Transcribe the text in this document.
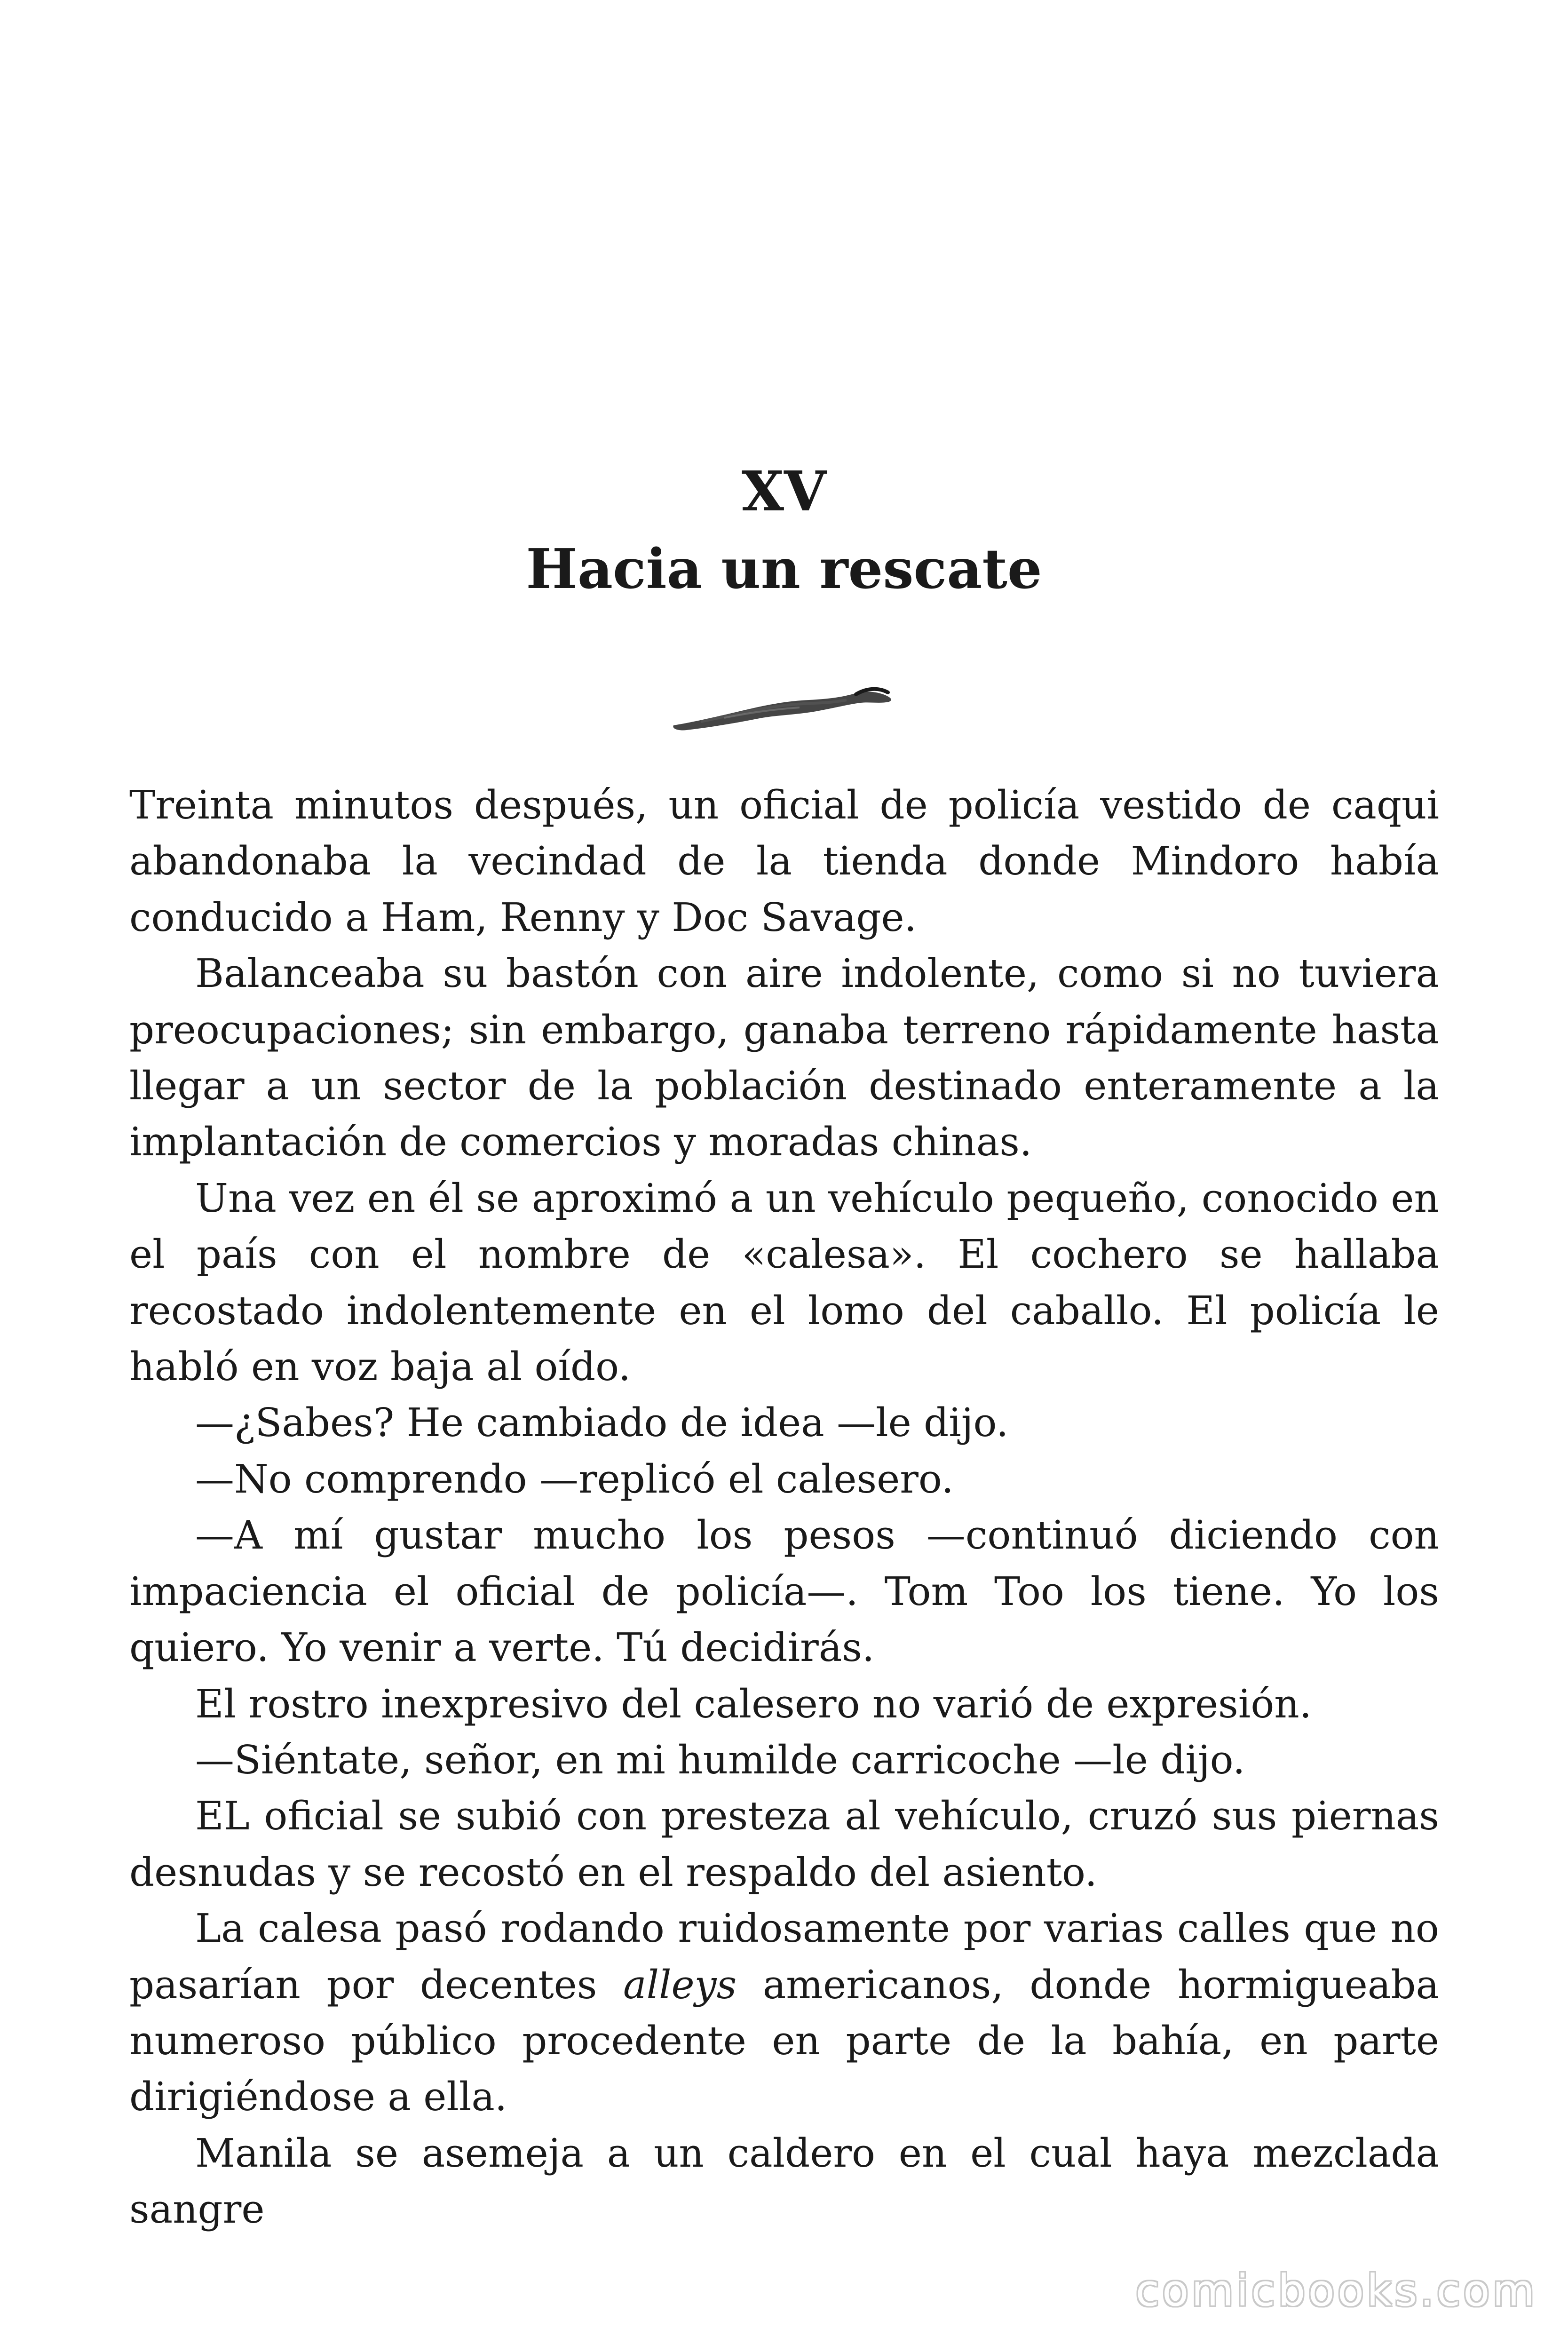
XV
Hacia un rescate

Treinta minutos después, un oficial de policía vestido de caqui abandonaba la vecindad de la tienda donde Mindoro había conducido a Ham, Renny y Doc Savage.

Balanceaba su bastón con aire indolente, como si no tuviera preocupaciones; sin embargo, ganaba terreno rápidamente hasta llegar a un sector de la población destinado enteramente a la implantación de comercios y moradas chinas.

Una vez en él se aproximó a un vehículo pequeño, conocido en el país con el nombre de «calesa». El cochero se hallaba recostado indolentemente en el lomo del caballo. El policía le habló en voz baja al oído.

—¿Sabes? He cambiado de idea —le dijo.

—No comprendo —replicó el calesero.

—A mí gustar mucho los pesos —continuó diciendo con impaciencia el oficial de policía—. Tom Too los tiene. Yo los quiero. Yo venir a verte. Tú decidirás.

El rostro inexpresivo del calesero no varió de expresión.

—Siéntate, señor, en mi humilde carricoche —le dijo.

EL oficial se subió con presteza al vehículo, cruzó sus piernas desnudas y se recostó en el respaldo del asiento.

La calesa pasó rodando ruidosamente por varias calles que no pasarían por decentes alleys americanos, donde hormigueaba numeroso público procedente en parte de la bahía, en parte dirigiéndose a ella.

Manila se asemeja a un caldero en el cual haya mezclada sangre

comicbooks.com
